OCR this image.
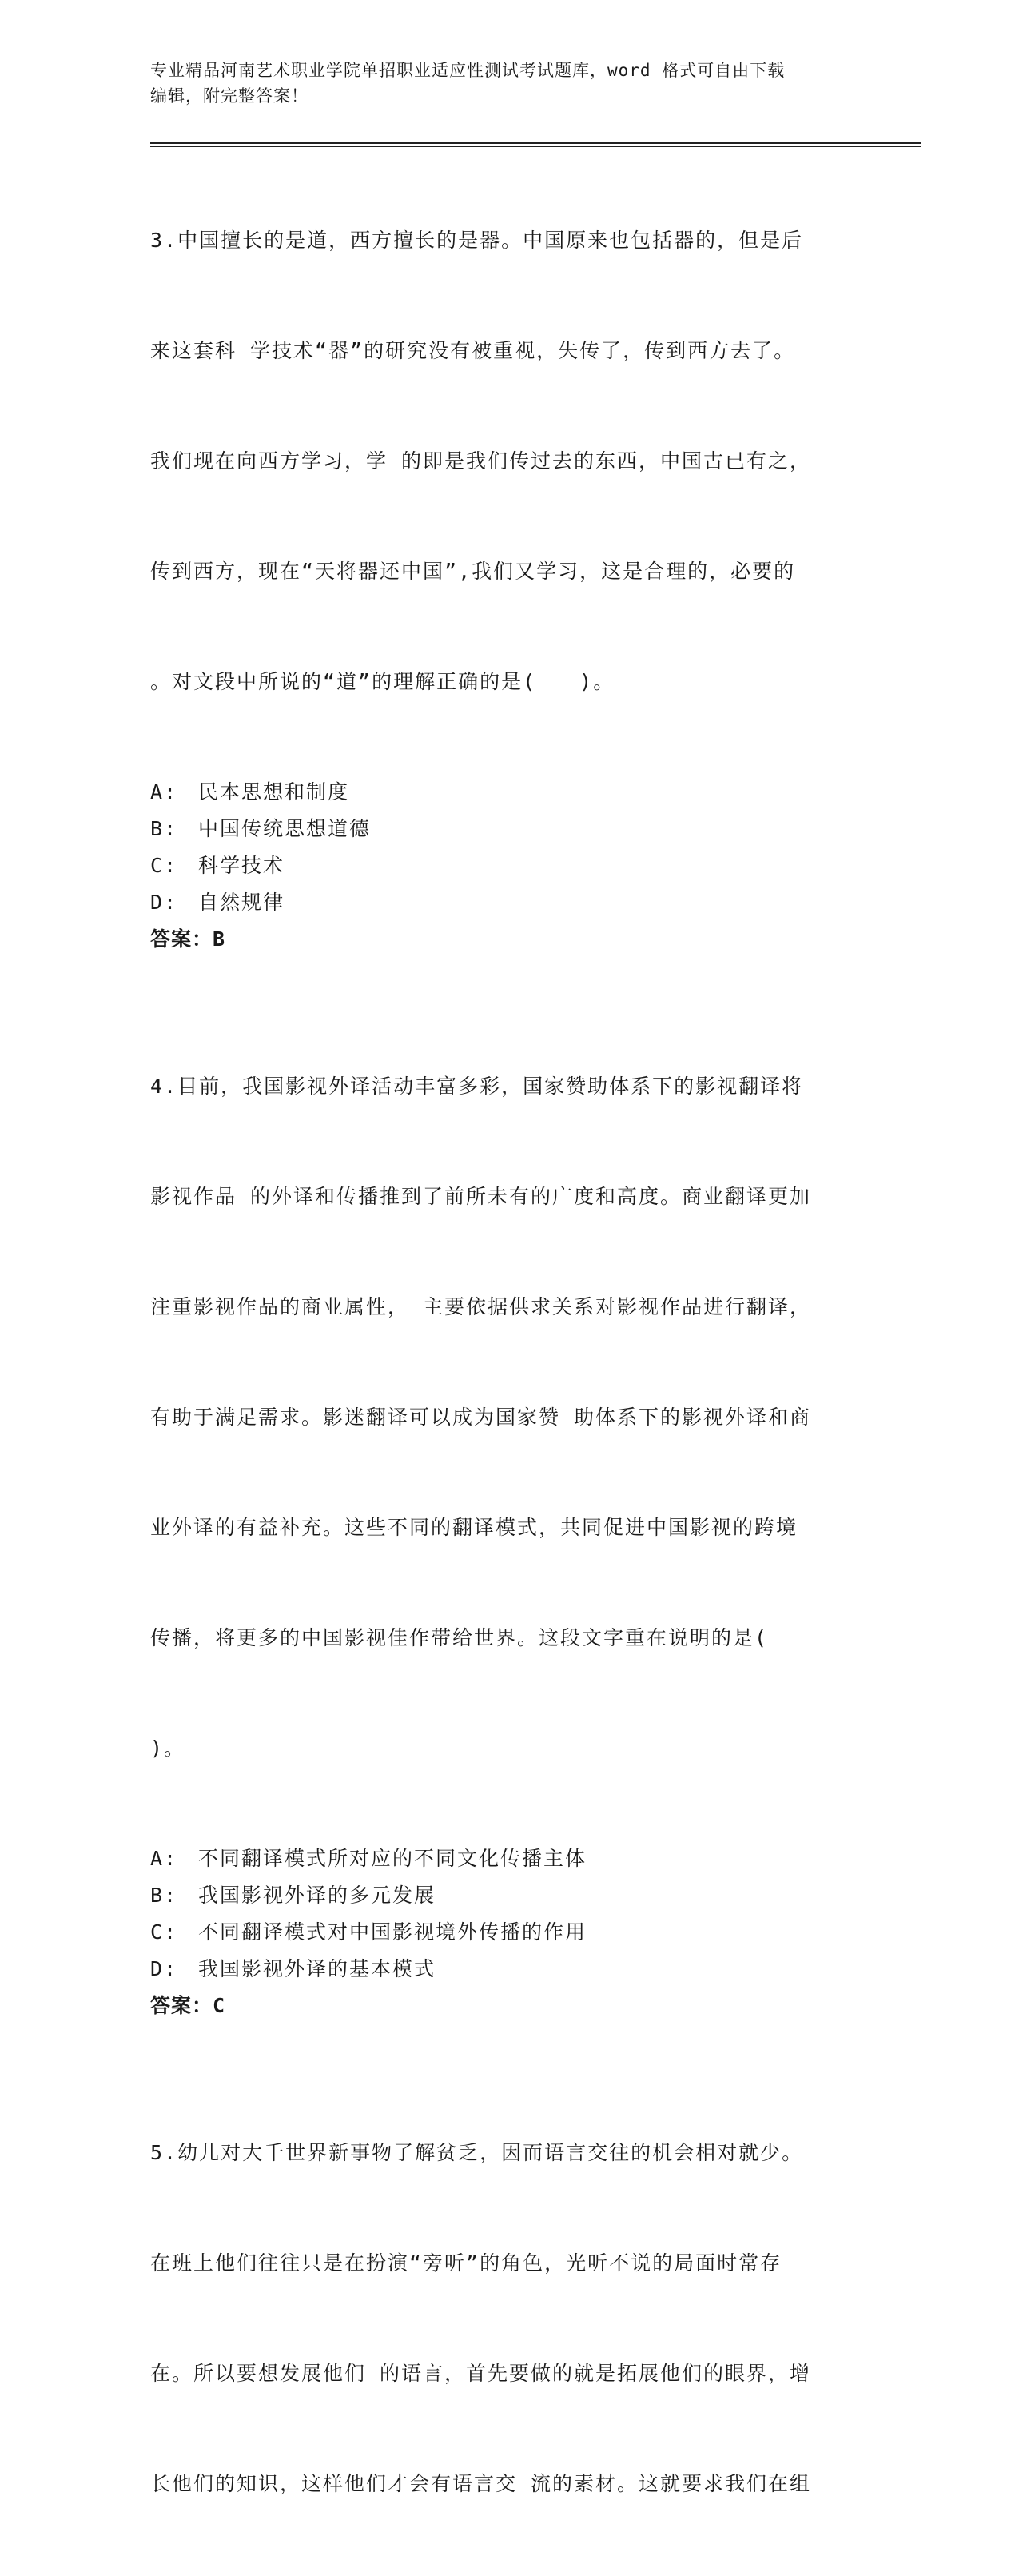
专业精品河南艺术职业学院单招职业适应性测试考试题库，word 格式可自由下载
编辑，附完整答案！

3.中国擅长的是道，西方擅长的是器。中国原来也包括器的，但是后

来这套科 学技术“器”的研究没有被重视，失传了，传到西方去了。

我们现在向西方学习，学 的即是我们传过去的东西，中国古已有之，

传到西方，现在“天将器还中国”,我们又学习，这是合理的，必要的

。对文段中所说的“道”的理解正确的是(　　)。

A:	民本思想和制度
B:	中国传统思想道德
C:	科学技术
D:	自然规律
答案：B

4.目前，我国影视外译活动丰富多彩，国家赞助体系下的影视翻译将

影视作品 的外译和传播推到了前所未有的广度和高度。商业翻译更加

注重影视作品的商业属性， 主要依据供求关系对影视作品进行翻译，

有助于满足需求。影迷翻译可以成为国家赞 助体系下的影视外译和商

业外译的有益补充。这些不同的翻译模式，共同促进中国影视的跨境

传播，将更多的中国影视佳作带给世界。这段文字重在说明的是(

)。

A:	不同翻译模式所对应的不同文化传播主体
B:	我国影视外译的多元发展
C:	不同翻译模式对中国影视境外传播的作用
D:	我国影视外译的基本模式
答案：C

5.幼儿对大千世界新事物了解贫乏，因而语言交往的机会相对就少。

在班上他们往往只是在扮演“旁听”的角色，光听不说的局面时常存

在。所以要想发展他们 的语言，首先要做的就是拓展他们的眼界，增

长他们的知识，这样他们才会有语言交 流的素材。这就要求我们在组
